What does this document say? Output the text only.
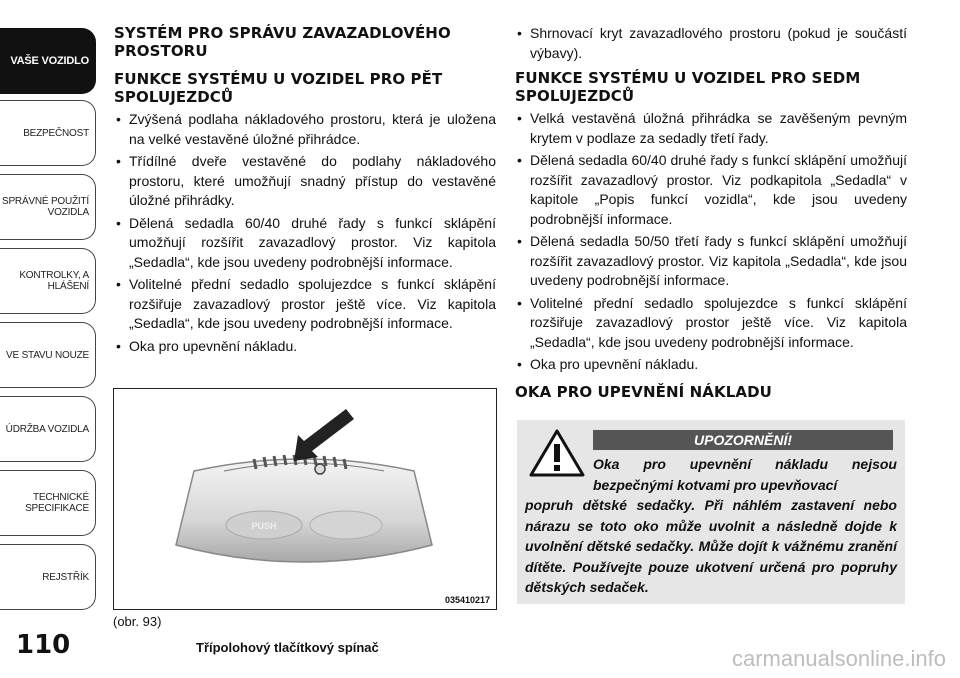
VAŠE VOZIDLO
BEZPEČNOST
SPRÁVNÉ POUŽITÍ VOZIDLA
KONTROLKY, A HLÁŠENÍ
VE STAVU NOUZE
ÚDRŽBA VOZIDLA
TECHNICKÉ SPECIFIKACE
REJSTŘÍK
110
SYSTÉM PRO SPRÁVU ZAVAZADLOVÉHO PROSTORU
FUNKCE SYSTÉMU U VOZIDEL PRO PĚT SPOLUJEZDCŮ
• Zvýšená podlaha nákladového prostoru, která je uložena na velké vestavěné úložné přihrádce.
• Třídílné dveře vestavěné do podlahy nákladového prostoru, které umožňují snadný přístup do vestavěné úložné přihrádky.
• Dělená sedadla 60/40 druhé řady s funkcí sklápění umožňují rozšířit zavazadlový prostor. Viz kapitola „Sedadla“, kde jsou uvedeny podrobnější informace.
• Volitelné přední sedadlo spolujezdce s funkcí sklápění rozšiřuje zavazadlový prostor ještě více. Viz kapitola „Sedadla“, kde jsou uvedeny podrobnější informace.
• Oka pro upevnění nákladu.
PUSH
035410217
(obr. 93)
Třípolohový tlačítkový spínač
• Shrnovací kryt zavazadlového prostoru (pokud je součástí výbavy).
FUNKCE SYSTÉMU U VOZIDEL PRO SEDM SPOLUJEZDCŮ
• Velká vestavěná úložná přihrádka se zavěšeným pevným krytem v podlaze za sedadly třetí řady.
• Dělená sedadla 60/40 druhé řady s funkcí sklápění umožňují rozšířit zavazadlový prostor. Viz podkapitola „Sedadla“ v kapitole „Popis funkcí vozidla“, kde jsou uvedeny podrobnější informace.
• Dělená sedadla 50/50 třetí řady s funkcí sklápění umožňují rozšířit zavazadlový prostor. Viz kapitola „Sedadla“, kde jsou uvedeny podrobnější informace.
• Volitelné přední sedadlo spolujezdce s funkcí sklápění rozšiřuje zavazadlový prostor ještě více. Viz kapitola „Sedadla“, kde jsou uvedeny podrobnější informace.
• Oka pro upevnění nákladu.
OKA PRO UPEVNĚNÍ NÁKLADU
UPOZORNĚNÍ!
Oka pro upevnění nákladu nejsou bezpečnými kotvami pro upevňovací
popruh dětské sedačky. Při náhlém zastavení nebo nárazu se toto oko může uvolnit a následně dojde k uvolnění dětské sedačky. Může dojít k vážnému zranění dítěte. Používejte pouze ukotvení určená pro popruhy dětských sedaček.
carmanualsonline.info
